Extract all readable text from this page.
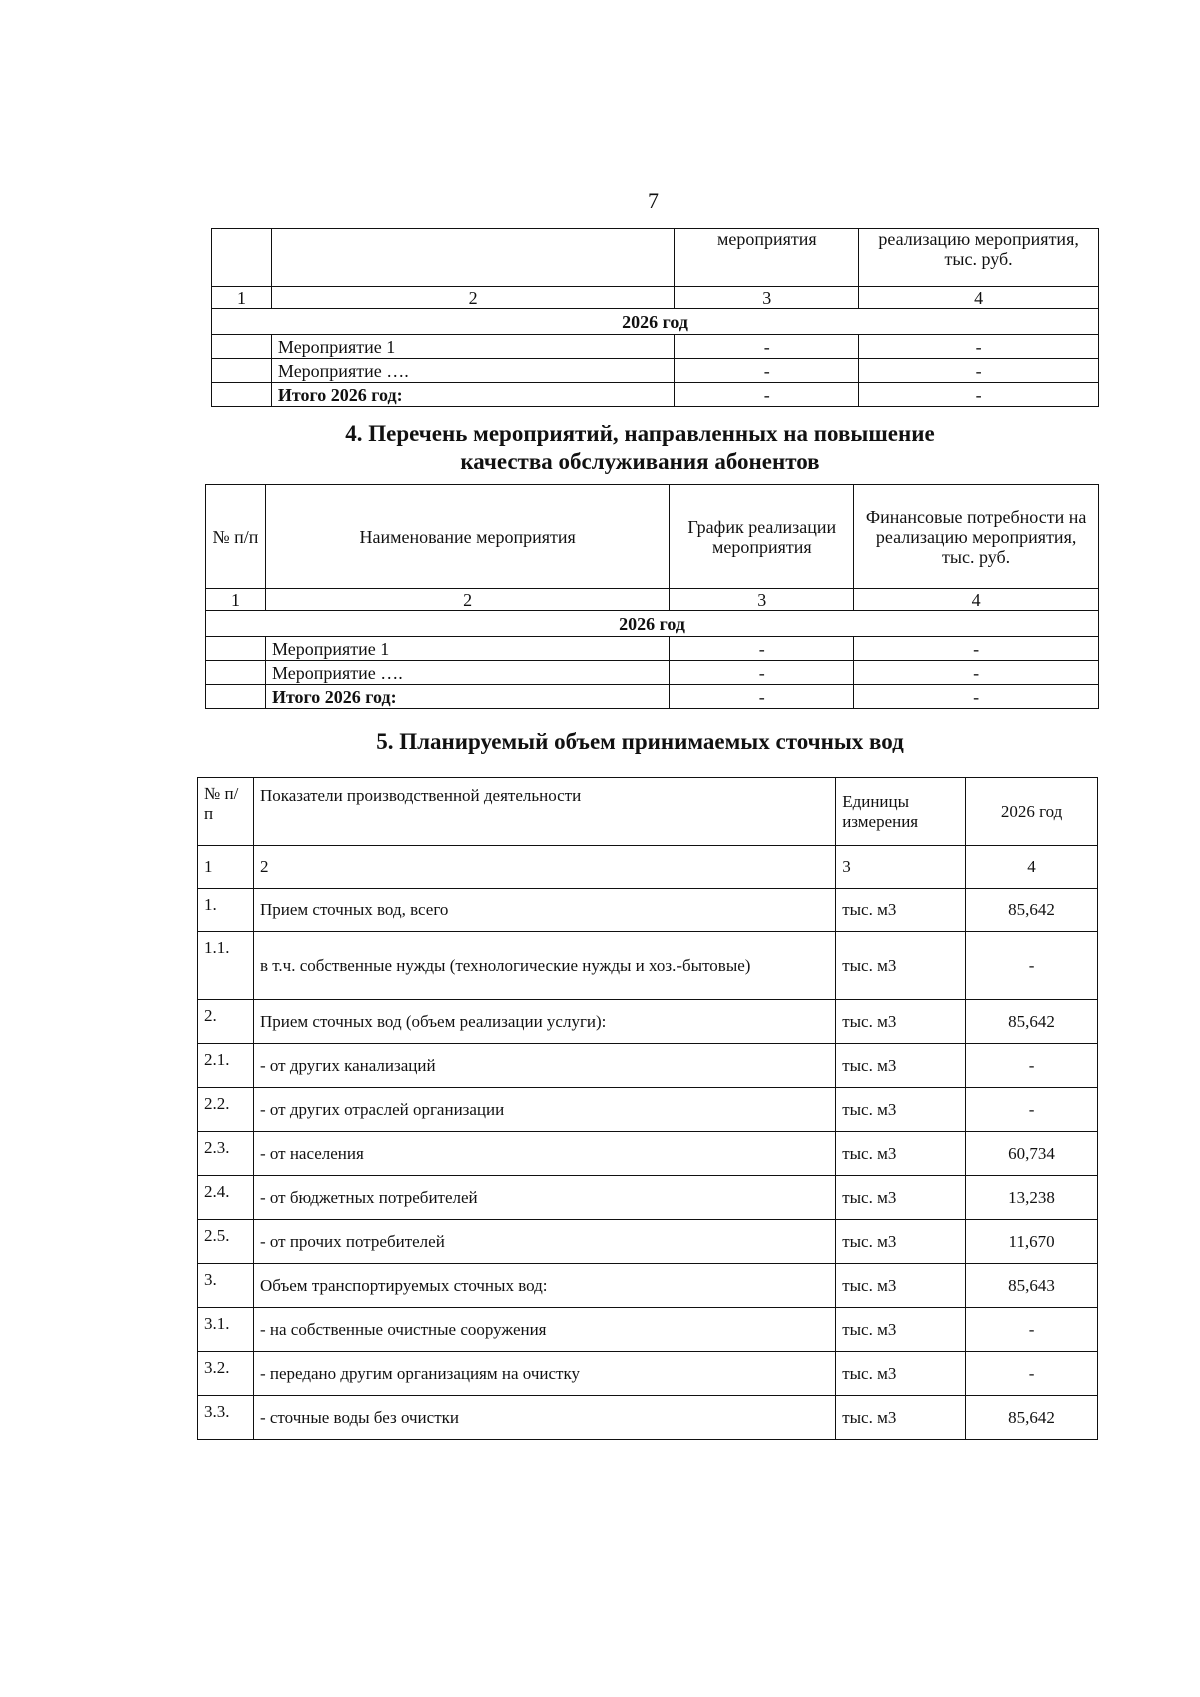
7
		мероприятия	реализацию мероприятия, тыс. руб.
1	2	3	4
2026 год			
	Мероприятие 1	-	-
	Мероприятие ….	-	-
	Итого 2026 год:	-	-
4. Перечень мероприятий, направленных на повышение
качества обслуживания абонентов
№ п/п	Наименование мероприятия	График реализации мероприятия	Финансовые потребности на реализацию мероприятия, тыс. руб.
1	2	3	4
2026 год			
	Мероприятие 1	-	-
	Мероприятие ….	-	-
	Итого 2026 год:	-	-
5. Планируемый объем принимаемых сточных вод
№ п/п	Показатели производственной деятельности	Единицы измерения	2026 год
1	2	3	4
1.	Прием сточных вод, всего	тыс. м3	85,642
1.1.	в т.ч. собственные нужды (технологические нужды и хоз.-бытовые)	тыс. м3	-
2.	Прием сточных вод (объем реализации услуги):	тыс. м3	85,642
2.1.	- от других канализаций	тыс. м3	-
2.2.	- от других отраслей организации	тыс. м3	-
2.3.	- от населения	тыс. м3	60,734
2.4.	- от бюджетных потребителей	тыс. м3	13,238
2.5.	- от прочих потребителей	тыс. м3	11,670
3.	Объем транспортируемых сточных вод:	тыс. м3	85,643
3.1.	- на собственные очистные сооружения	тыс. м3	-
3.2.	- передано другим организациям на очистку	тыс. м3	-
3.3.	- сточные воды без очистки	тыс. м3	85,642
